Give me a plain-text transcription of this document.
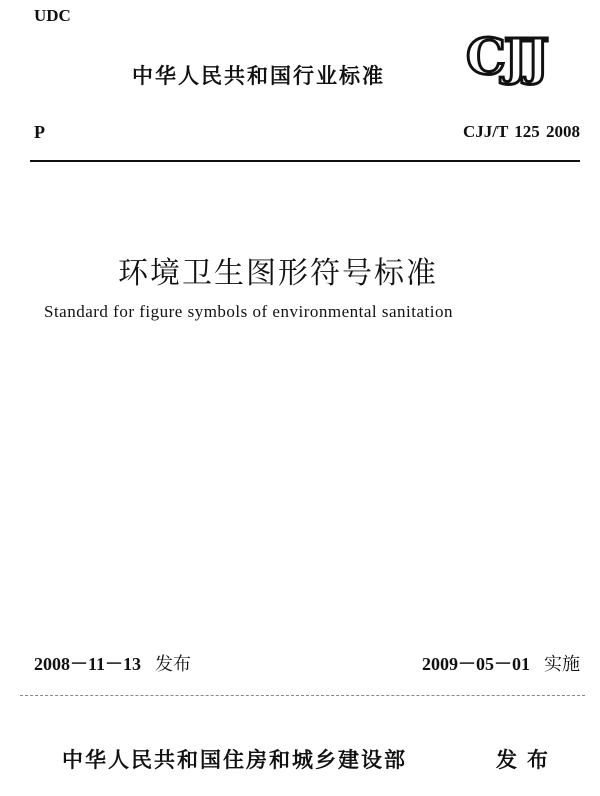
UDC
中华人民共和国行业标准 CJJ
P	CJJ/T 125 2008
环境卫生图形符号标准
Standard for figure symbols of environmental sanitation
2008－11－13 发布	2009－05－01 实施
中华人民共和国住房和城乡建设部	发布
